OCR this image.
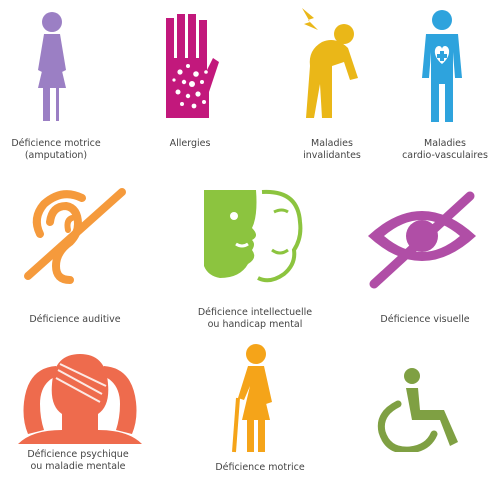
Déficience motrice
(amputation)
Allergies	Maladies
invalidantes
Maladies
cardio-vasculaires
Déficience auditive
Déficience intellectuelle
ou handicap mental	Déficience visuelle
Déficience psychique
ou maladie mentale	Déficience motrice
